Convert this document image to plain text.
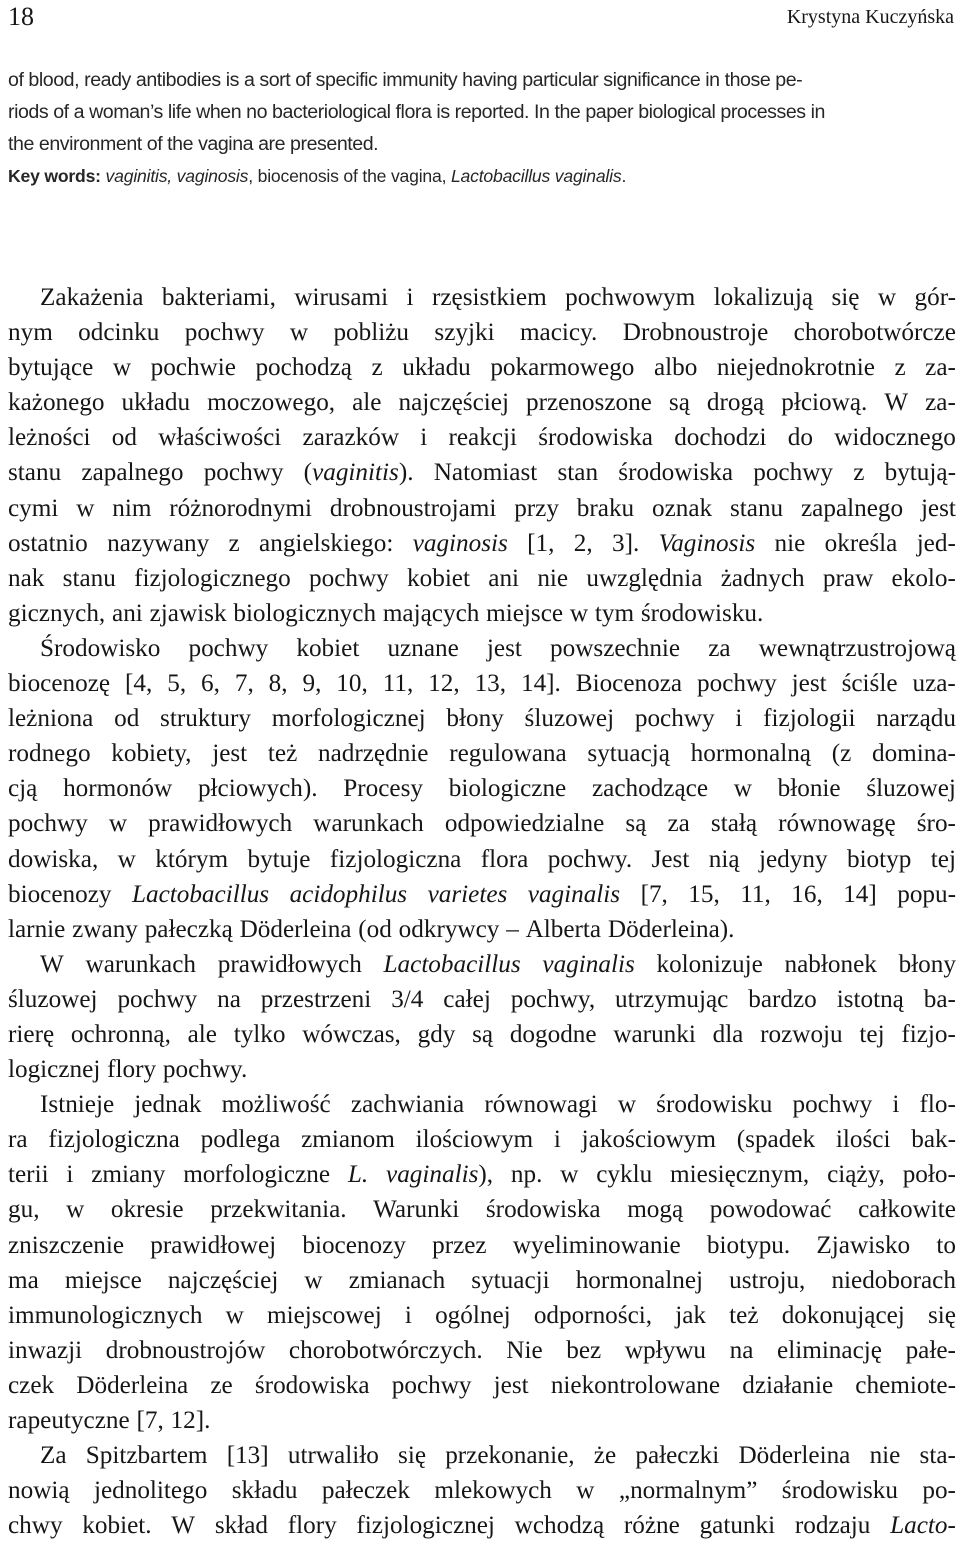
18	Krystyna Kuczyńska
of blood, ready antibodies is a sort of specific immunity having particular significance in those pe-
riods of a woman’s life when no bacteriological flora is reported. In the paper biological processes in
the environment of the vagina are presented.
Key words: vaginitis, vaginosis, biocenosis of the vagina, Lactobacillus vaginalis.
Zakażenia bakteriami, wirusami i rzęsistkiem pochwowym lokalizują się w gór-
nym odcinku pochwy w pobliżu szyjki macicy. Drobnoustroje chorobotwórcze
bytujące w pochwie pochodzą z układu pokarmowego albo niejednokrotnie z za-
każonego układu moczowego, ale najczęściej przenoszone są drogą płciową. W za-
leżności od właściwości zarazków i reakcji środowiska dochodzi do widocznego
stanu zapalnego pochwy (vaginitis). Natomiast stan środowiska pochwy z bytują-
cymi w nim różnorodnymi drobnoustrojami przy braku oznak stanu zapalnego jest
ostatnio nazywany z angielskiego: vaginosis [1, 2, 3]. Vaginosis nie określa jed-
nak stanu fizjologicznego pochwy kobiet ani nie uwzględnia żadnych praw ekolo-
gicznych, ani zjawisk biologicznych mających miejsce w tym środowisku.
Środowisko pochwy kobiet uznane jest powszechnie za wewnątrzustrojową
biocenozę [4, 5, 6, 7, 8, 9, 10, 11, 12, 13, 14]. Biocenoza pochwy jest ściśle uza-
leżniona od struktury morfologicznej błony śluzowej pochwy i fizjologii narządu
rodnego kobiety, jest też nadrzędnie regulowana sytuacją hormonalną (z domina-
cją hormonów płciowych). Procesy biologiczne zachodzące w błonie śluzowej
pochwy w prawidłowych warunkach odpowiedzialne są za stałą równowagę śro-
dowiska, w którym bytuje fizjologiczna flora pochwy. Jest nią jedyny biotyp tej
biocenozy Lactobacillus acidophilus varietes vaginalis [7, 15, 11, 16, 14] popu-
larnie zwany pałeczką Döderleina (od odkrywcy – Alberta Döderleina).
W warunkach prawidłowych Lactobacillus vaginalis kolonizuje nabłonek błony
śluzowej pochwy na przestrzeni 3/4 całej pochwy, utrzymując bardzo istotną ba-
rierę ochronną, ale tylko wówczas, gdy są dogodne warunki dla rozwoju tej fizjo-
logicznej flory pochwy.
Istnieje jednak możliwość zachwiania równowagi w środowisku pochwy i flo-
ra fizjologiczna podlega zmianom ilościowym i jakościowym (spadek ilości bak-
terii i zmiany morfologiczne L. vaginalis), np. w cyklu miesięcznym, ciąży, poło-
gu, w okresie przekwitania. Warunki środowiska mogą powodować całkowite
zniszczenie prawidłowej biocenozy przez wyeliminowanie biotypu. Zjawisko to
ma miejsce najczęściej w zmianach sytuacji hormonalnej ustroju, niedoborach
immunologicznych w miejscowej i ogólnej odporności, jak też dokonującej się
inwazji drobnoustrojów chorobotwórczych. Nie bez wpływu na eliminację pałe-
czek Döderleina ze środowiska pochwy jest niekontrolowane działanie chemiote-
rapeutyczne [7, 12].
Za Spitzbartem [13] utrwaliło się przekonanie, że pałeczki Döderleina nie sta-
nowią jednolitego składu pałeczek mlekowych w „normalnym” środowisku po-
chwy kobiet. W skład flory fizjologicznej wchodzą różne gatunki rodzaju Lacto-
